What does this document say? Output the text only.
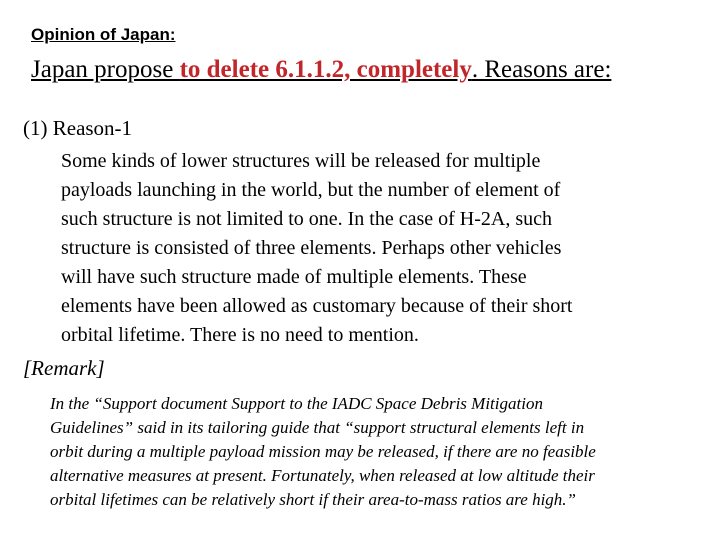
Opinion of Japan:
Japan propose to delete 6.1.1.2, completely. Reasons are:
(1) Reason-1
Some kinds of lower structures will be released for multiple
payloads launching in the world, but the number of element of
such structure is not limited to one. In the case of H-2A, such
structure is consisted of three elements. Perhaps other vehicles
will have such structure made of multiple elements. These
elements have been allowed as customary because of their short
orbital lifetime. There is no need to mention.
[Remark]
In the “Support document Support to the IADC Space Debris Mitigation
Guidelines” said in its tailoring guide that “support structural elements left in
orbit during a multiple payload mission may be released, if there are no feasible
alternative measures at present. Fortunately, when released at low altitude their
orbital lifetimes can be relatively short if their area-to-mass ratios are high.”
